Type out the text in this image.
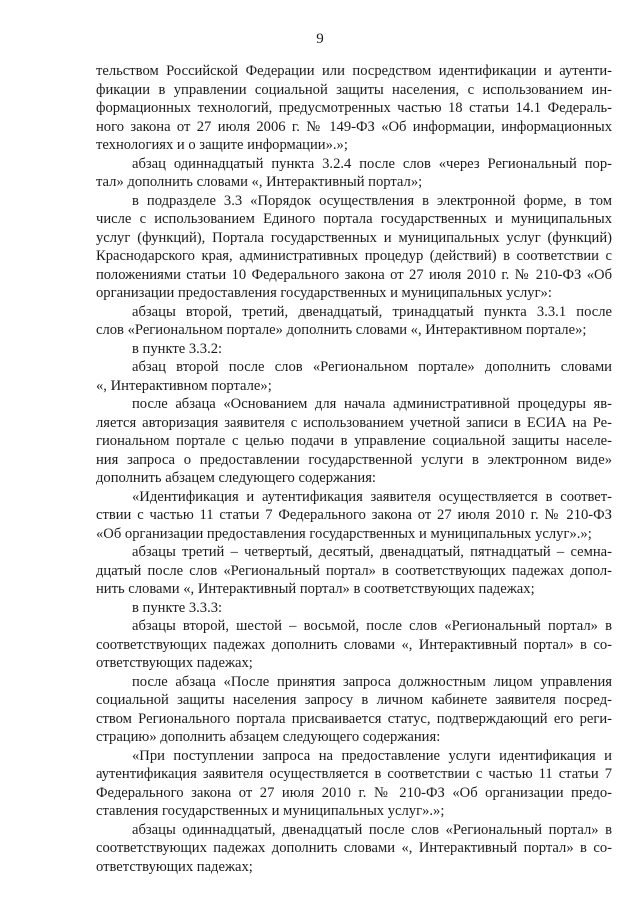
9
тельством Российской Федерации или посредством идентификации и аутенти-
фикации в управлении социальной защиты населения, с использованием ин-
формационных технологий, предусмотренных частью 18 статьи 14.1 Федераль-
ного закона от 27 июля 2006 г. № 149-ФЗ «Об информации, информационных
технологиях и о защите информации».»;
абзац одиннадцатый пункта 3.2.4 после слов «через Региональный пор-
тал» дополнить словами «, Интерактивный портал»;
в подразделе 3.3 «Порядок осуществления в электронной форме, в том
числе с использованием Единого портала государственных и муниципальных
услуг (функций), Портала государственных и муниципальных услуг (функций)
Краснодарского края, административных процедур (действий) в соответствии с
положениями статьи 10 Федерального закона от 27 июля 2010 г. № 210-ФЗ «Об
организации предоставления государственных и муниципальных услуг»:
абзацы второй, третий, двенадцатый, тринадцатый пункта 3.3.1 после
слов «Региональном портале» дополнить словами «, Интерактивном портале»;
в пункте 3.3.2:
абзац второй после слов «Региональном портале» дополнить словами
«, Интерактивном портале»;
после абзаца «Основанием для начала административной процедуры яв-
ляется авторизация заявителя с использованием учетной записи в ЕСИА на Ре-
гиональном портале с целью подачи в управление социальной защиты населе-
ния запроса о предоставлении государственной услуги в электронном виде»
дополнить абзацем следующего содержания:
«Идентификация и аутентификация заявителя осуществляется в соответ-
ствии с частью 11 статьи 7 Федерального закона от 27 июля 2010 г. № 210-ФЗ
«Об организации предоставления государственных и муниципальных услуг».»;
абзацы третий – четвертый, десятый, двенадцатый, пятнадцатый – семна-
дцатый после слов «Региональный портал» в соответствующих падежах допол-
нить словами «, Интерактивный портал» в соответствующих падежах;
в пункте 3.3.3:
абзацы второй, шестой – восьмой, после слов «Региональный портал» в
соответствующих падежах дополнить словами «, Интерактивный портал» в со-
ответствующих падежах;
после абзаца «После принятия запроса должностным лицом управления
социальной защиты населения запросу в личном кабинете заявителя посред-
ством Регионального портала присваивается статус, подтверждающий его реги-
страцию» дополнить абзацем следующего содержания:
«При поступлении запроса на предоставление услуги идентификация и
аутентификация заявителя осуществляется в соответствии с частью 11 статьи 7
Федерального закона от 27 июля 2010 г. № 210-ФЗ «Об организации предо-
ставления государственных и муниципальных услуг».»;
абзацы одиннадцатый, двенадцатый после слов «Региональный портал» в
соответствующих падежах дополнить словами «, Интерактивный портал» в со-
ответствующих падежах;
